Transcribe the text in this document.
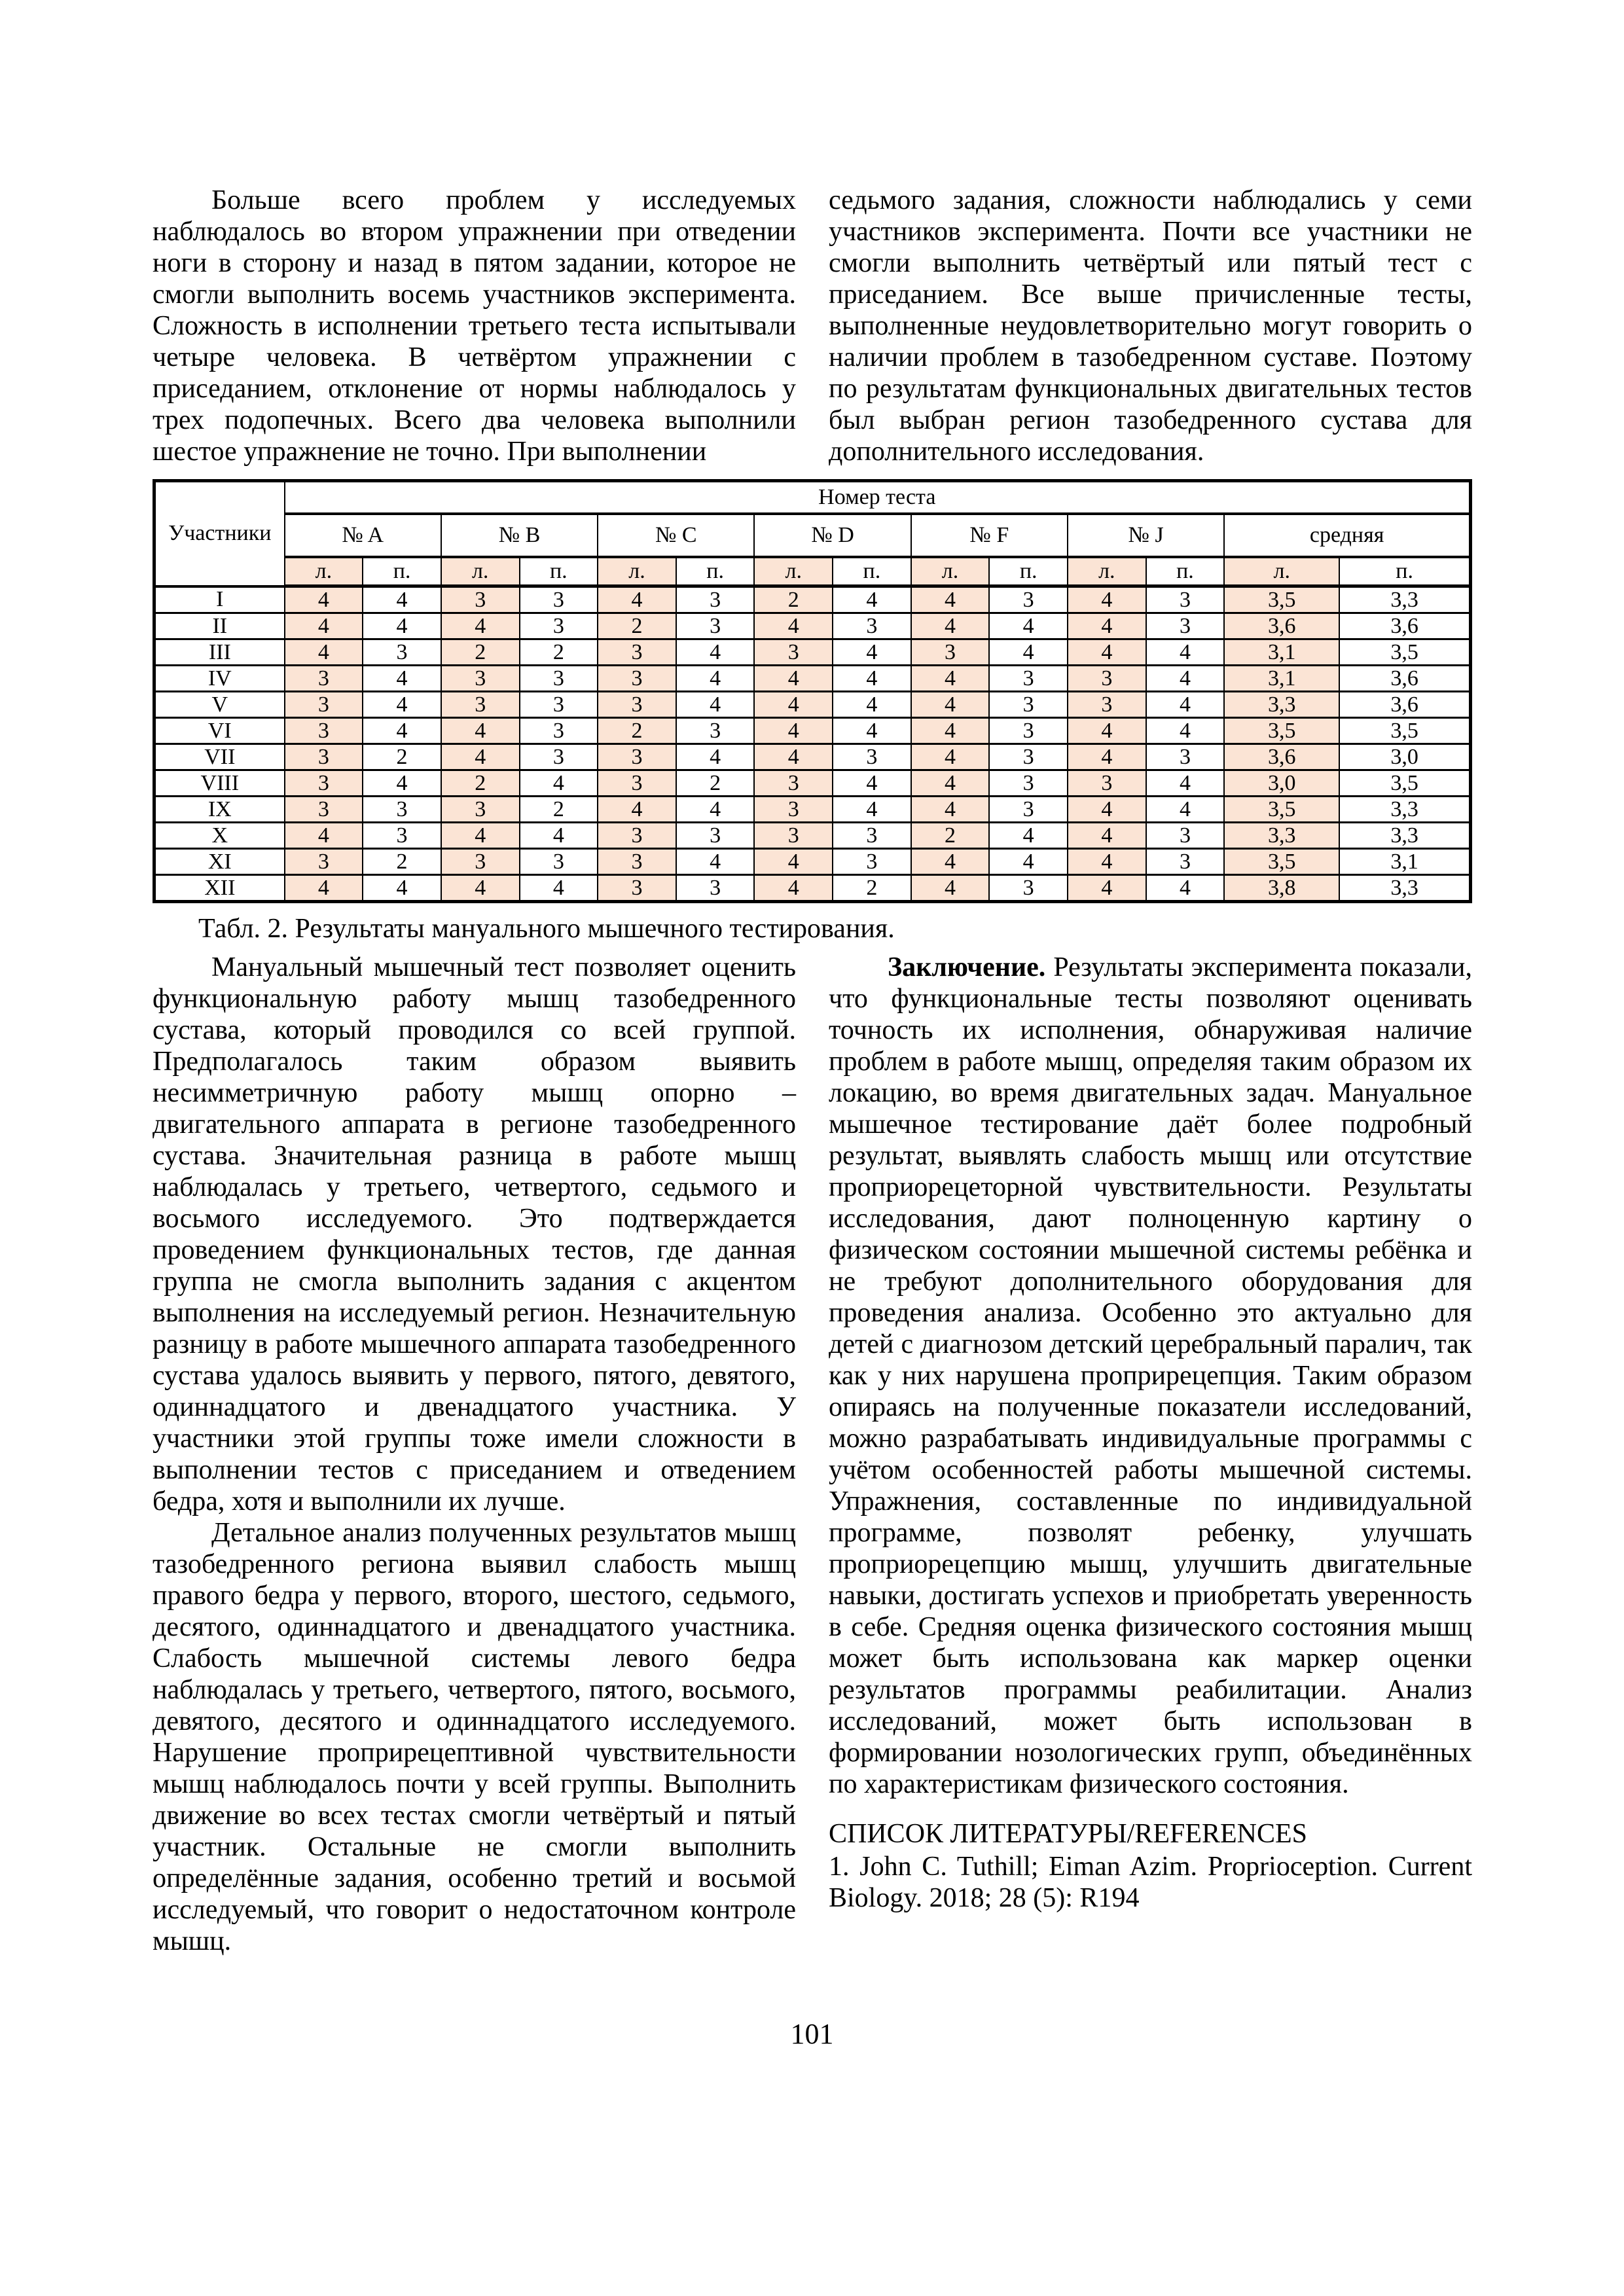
Больше всего проблем у исследуемых наблюдалось во втором упражнении при отведении ноги в сторону и назад в пятом задании, которое не смогли выполнить восемь участников эксперимента. Сложность в исполнении третьего теста испытывали четыре человека. В четвёртом упражнении с приседанием, отклонение от нормы наблюдалось у трех подопечных. Всего два человека выполнили шестое упражнение не точно. При выполнении

седьмого задания, сложности наблюдались у семи участников эксперимента. Почти все участники не смогли выполнить четвёртый или пятый тест с приседанием. Все выше причисленные тесты, выполненные неудовлетворительно могут говорить о наличии проблем в тазобедренном суставе. Поэтому по результатам функциональных двигательных тестов был выбран регион тазобедренного сустава для дополнительного исследования.

Участники	Номер теста													
	№ A		№ B		№ C		№ D		№ F		№ J		средняя	
	л.	п.	л.	п.	л.	п.	л.	п.	л.	п.	л.	п.	л.	п.
I	4	4	3	3	4	3	2	4	4	3	4	3	3,5	3,3
II	4	4	4	3	2	3	4	3	4	4	4	3	3,6	3,6
III	4	3	2	2	3	4	3	4	3	4	4	4	3,1	3,5
IV	3	4	3	3	3	4	4	4	4	3	3	4	3,1	3,6
V	3	4	3	3	3	4	4	4	4	3	3	4	3,3	3,6
VI	3	4	4	3	2	3	4	4	4	3	4	4	3,5	3,5
VII	3	2	4	3	3	4	4	3	4	3	4	3	3,6	3,0
VIII	3	4	2	4	3	2	3	4	4	3	3	4	3,0	3,5
IX	3	3	3	2	4	4	3	4	4	3	4	4	3,5	3,3
X	4	3	4	4	3	3	3	3	2	4	4	3	3,3	3,3
XI	3	2	3	3	3	4	4	3	4	4	4	3	3,5	3,1
XII	4	4	4	4	3	3	4	2	4	3	4	4	3,8	3,3

Табл. 2. Результаты мануального мышечного тестирования.

Мануальный мышечный тест позволяет оценить функциональную работу мышц тазобедренного сустава, который проводился со всей группой. Предполагалось таким образом выявить несимметричную работу мышц опорно – двигательного аппарата в регионе тазобедренного сустава. Значительная разница в работе мышц наблюдалась у третьего, четвертого, седьмого и восьмого исследуемого. Это подтверждается проведением функциональных тестов, где данная группа не смогла выполнить задания с акцентом выполнения на исследуемый регион. Незначительную разницу в работе мышечного аппарата тазобедренного сустава удалось выявить у первого, пятого, девятого, одиннадцатого и двенадцатого участника. У участники этой группы тоже имели сложности в выполнении тестов с приседанием и отведением бедра, хотя и выполнили их лучше.

Детальное анализ полученных результатов мышц тазобедренного региона выявил слабость мышц правого бедра у первого, второго, шестого, седьмого, десятого, одиннадцатого и двенадцатого участника. Слабость мышечной системы левого бедра наблюдалась у третьего, четвертого, пятого, восьмого, девятого, десятого и одиннадцатого исследуемого. Нарушение проприрецептивной чувствительности мышц наблюдалось почти у всей группы. Выполнить движение во всех тестах смогли четвёртый и пятый участник. Остальные не смогли выполнить определённые задания, особенно третий и восьмой исследуемый, что говорит о недостаточном контроле мышц.

Заключение. Результаты эксперимента показали, что функциональные тесты позволяют оценивать точность их исполнения, обнаруживая наличие проблем в работе мышц, определяя таким образом их локацию, во время двигательных задач. Мануальное мышечное тестирование даёт более подробный результат, выявлять слабость мышц или отсутствие проприорецеторной чувствительности. Результаты исследования, дают полноценную картину о физическом состоянии мышечной системы ребёнка и не требуют дополнительного оборудования для проведения анализа. Особенно это актуально для детей с диагнозом детский церебральный паралич, так как у них нарушена проприрецепция. Таким образом опираясь на полученные показатели исследований, можно разрабатывать индивидуальные программы с учётом особенностей работы мышечной системы. Упражнения, составленные по индивидуальной программе, позволят ребенку, улучшать проприорецепцию мышц, улучшить двигательные навыки, достигать успехов и приобретать уверенность в себе. Средняя оценка физического состояния мышц может быть использована как маркер оценки результатов программы реабилитации. Анализ исследований, может быть использован в формировании нозологических групп, объединённых по характеристикам физического состояния.

СПИСОК ЛИТЕРАТУРЫ/REFERENCES

1. John C. Tuthill; Eiman Azim. Proprioception. Current Biology. 2018; 28 (5): R194

101
